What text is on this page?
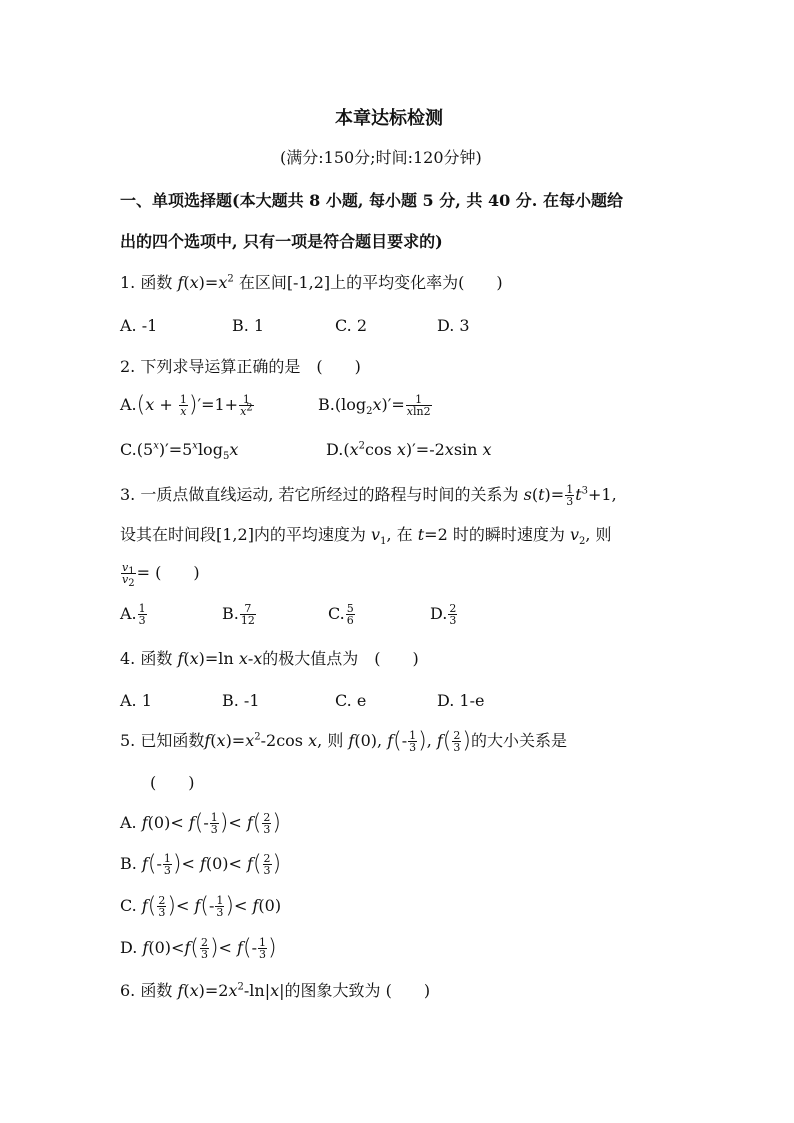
本章达标检测
(满分:150分;时间:120分钟)
一、单项选择题(本大题共 8 小题, 每小题 5 分, 共 40 分. 在每小题给
出的四个选项中, 只有一项是符合题目要求的)
1. 函数 $f(x)=x^2$ 在区间[-1,2]上的平均变化率为(　　)
A. -1	B. 1	C. 2	D. 3
2. 下列求导运算正确的是　(　　)
$A.(x + \frac{1}{x} )'=1+ \frac{1}{x^2}$	$B.(\log_2x)'= \frac{1}{xln2}$
$C.(5^x)'=5^x\log_5x$	$D.(x^2\cos$ x)′=-2xsin x
3. 一质点做直线运动, 若它所经过的路程与时间的关系为 $s(t)= \frac{1}{3} t^3+1$,
设其在时间段[1,2]内的平均速度为 $v_1$, 在 t=2 时的瞬时速度为 $v_2$, 则
$\frac{v_1}{v_2}$ = (　　)
A. $\frac{1}{3}$	B. $\frac{7}{12}$	C. $\frac{5}{6}$	D. $\frac{2}{3}$
4. 函数 f(x)=ln x-x的极大值点为　(　　)
A. 1	B. -1	C. e	D. 1-e
5. 已知函数$f(x)=x^2-2\cos$ x, 则 f(0), $f(- \frac{1}{3}$ ), $f( \frac{2}{3}$ )的大小关系是
(　　)
A. $f(0)< f(- \frac{1}{3}$ )< $f( \frac{2}{3}$ )
B. $f(- \frac{1}{3}$ )< $f(0)< f( \frac{2}{3}$ )
C. $f( \frac{2}{3}$ )< $f(- \frac{1}{3}$ )< f(0)
D. $f(0)<f( \frac{2}{3}$ )< $f(- \frac{1}{3}$ )
6. 函数 $f(x)=2x^2-\ln|x|$的图象大致为 (　　)
